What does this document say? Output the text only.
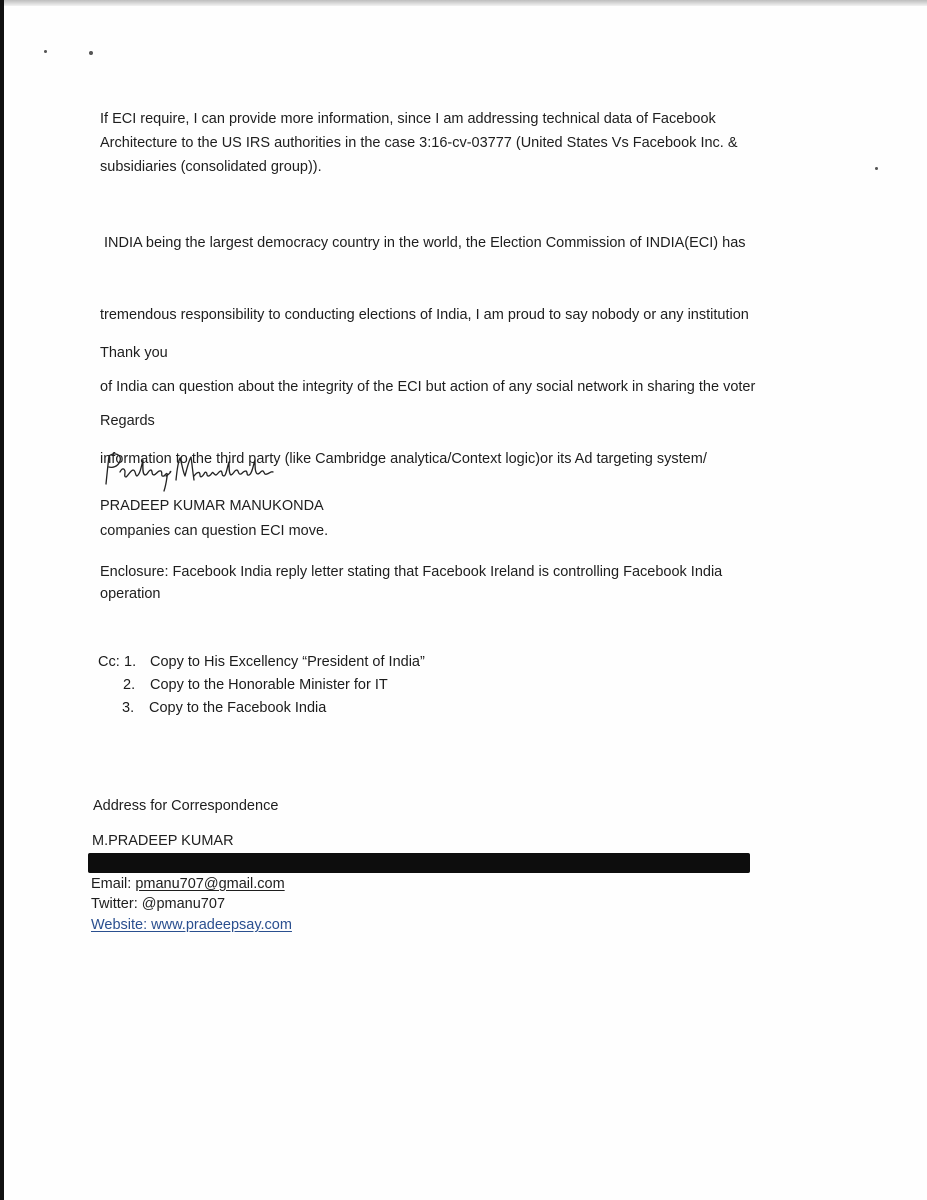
If ECI require, I can provide more information, since I am addressing technical data of Facebook
Architecture to the US IRS authorities in the case 3:16-cv-03777 (United States Vs Facebook Inc. &
subsidiaries (consolidated group)).

INDIA being the largest democracy country in the world, the Election Commission of INDIA(ECI) has

tremendous responsibility to conducting elections of India, I am proud to say nobody or any institution

of India can question about the integrity of the ECI but action of any social network in sharing the voter

information to the third party (like Cambridge analytica/Context logic)or its Ad targeting system/

companies can question ECI move.

Thank you
Regards
PRADEEP KUMAR MANUKONDA
Enclosure: Facebook India reply letter stating that Facebook Ireland is controlling Facebook India
operation
Cc: 1. Copy to His Excellency “President of India”
2. Copy to the Honorable Minister for IT
3. Copy to the Facebook India
Address for Correspondence
M.PRADEEP KUMAR
Email: pmanu707@gmail.com
Twitter: @pmanu707
Website: www.pradeepsay.com
